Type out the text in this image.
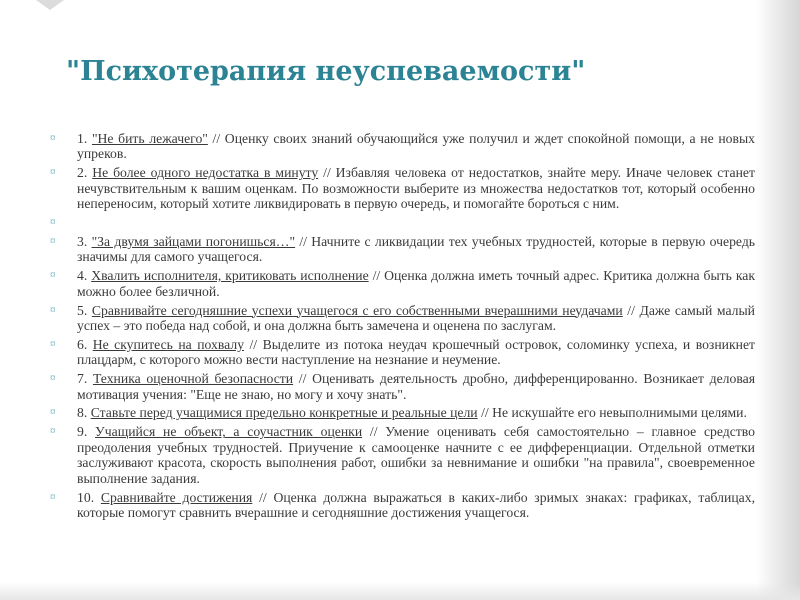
"Психотерапия неуспеваемости"
¤	1. "Не бить лежачего" // Оценку своих знаний обучающийся уже получил и ждет спокойной помощи, а не новых упреков.
¤	2. Не более одного недостатка в минуту // Избавляя человека от недостатков, знайте меру. Иначе человек станет нечувствительным к вашим оценкам. По возможности выберите из множества недостатков тот, который особенно непереносим, который хотите ликвидировать в первую очередь, и помогайте бороться с ним.
¤
¤	3. "За двумя зайцами погонишься…" // Начните с ликвидации тех учебных трудностей, которые в первую очередь значимы для самого учащегося.
¤	4. Хвалить исполнителя, критиковать исполнение // Оценка должна иметь точный адрес. Критика должна быть как можно более безличной.
¤	5. Сравнивайте сегодняшние успехи учащегося с его собственными вчерашними неудачами // Даже самый малый успех – это победа над собой, и она должна быть замечена и оценена по заслугам.
¤	6. Не скупитесь на похвалу // Выделите из потока неудач крошечный островок, соломинку успеха, и возникнет плацдарм, с которого можно вести наступление на незнание и неумение.
¤	7. Техника оценочной безопасности // Оценивать деятельность дробно, дифференцированно. Возникает деловая мотивация учения: "Еще не знаю, но могу и хочу знать".
¤	8. Ставьте перед учащимися предельно конкретные и реальные цели // Не искушайте его невыполнимыми целями.
¤	9. Учащийся не объект, а соучастник оценки // Умение оценивать себя самостоятельно – главное средство преодоления учебных трудностей. Приучение к самооценке начните с ее дифференциации. Отдельной отметки заслуживают красота, скорость выполнения работ, ошибки за невнимание и ошибки "на правила", своевременное выполнение задания.
¤	10. Сравнивайте достижения // Оценка должна выражаться в каких-либо зримых знаках: графиках, таблицах, которые помогут сравнить вчерашние и сегодняшние достижения учащегося.
